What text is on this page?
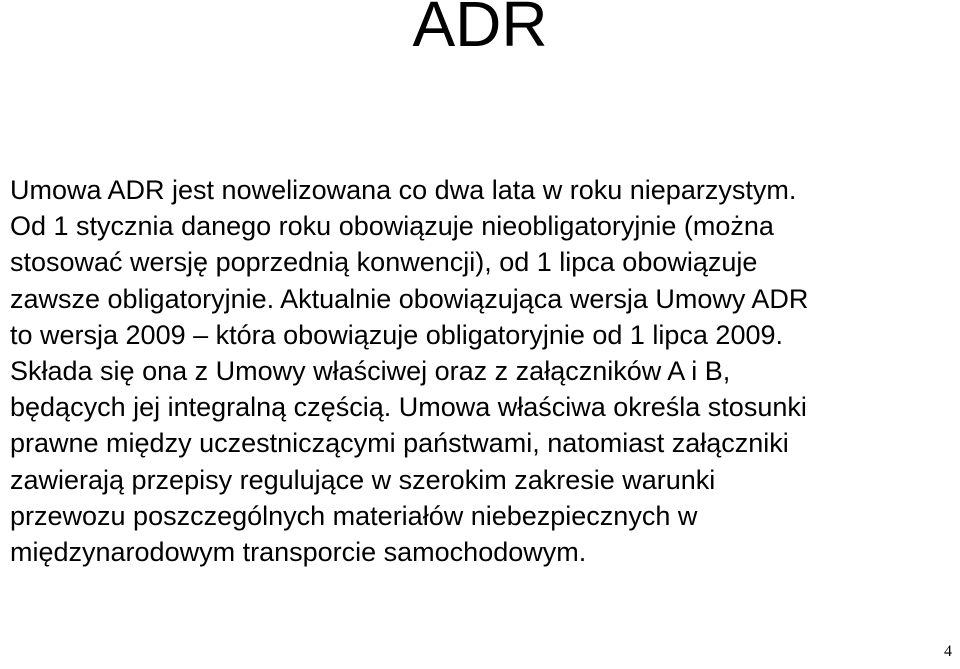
ADR

Umowa ADR jest nowelizowana co dwa lata w roku nieparzystym.
Od 1 stycznia danego roku obowiązuje nieobligatoryjnie (można
stosować wersję poprzednią konwencji), od 1 lipca obowiązuje
zawsze obligatoryjnie. Aktualnie obowiązująca wersja Umowy ADR
to wersja 2009 – która obowiązuje obligatoryjnie od 1 lipca 2009.
Składa się ona z Umowy właściwej oraz z załączników A i B,
będących jej integralną częścią. Umowa właściwa określa stosunki
prawne między uczestniczącymi państwami, natomiast załączniki
zawierają przepisy regulujące w szerokim zakresie warunki
przewozu poszczególnych materiałów niebezpiecznych w
międzynarodowym transporcie samochodowym.

4
